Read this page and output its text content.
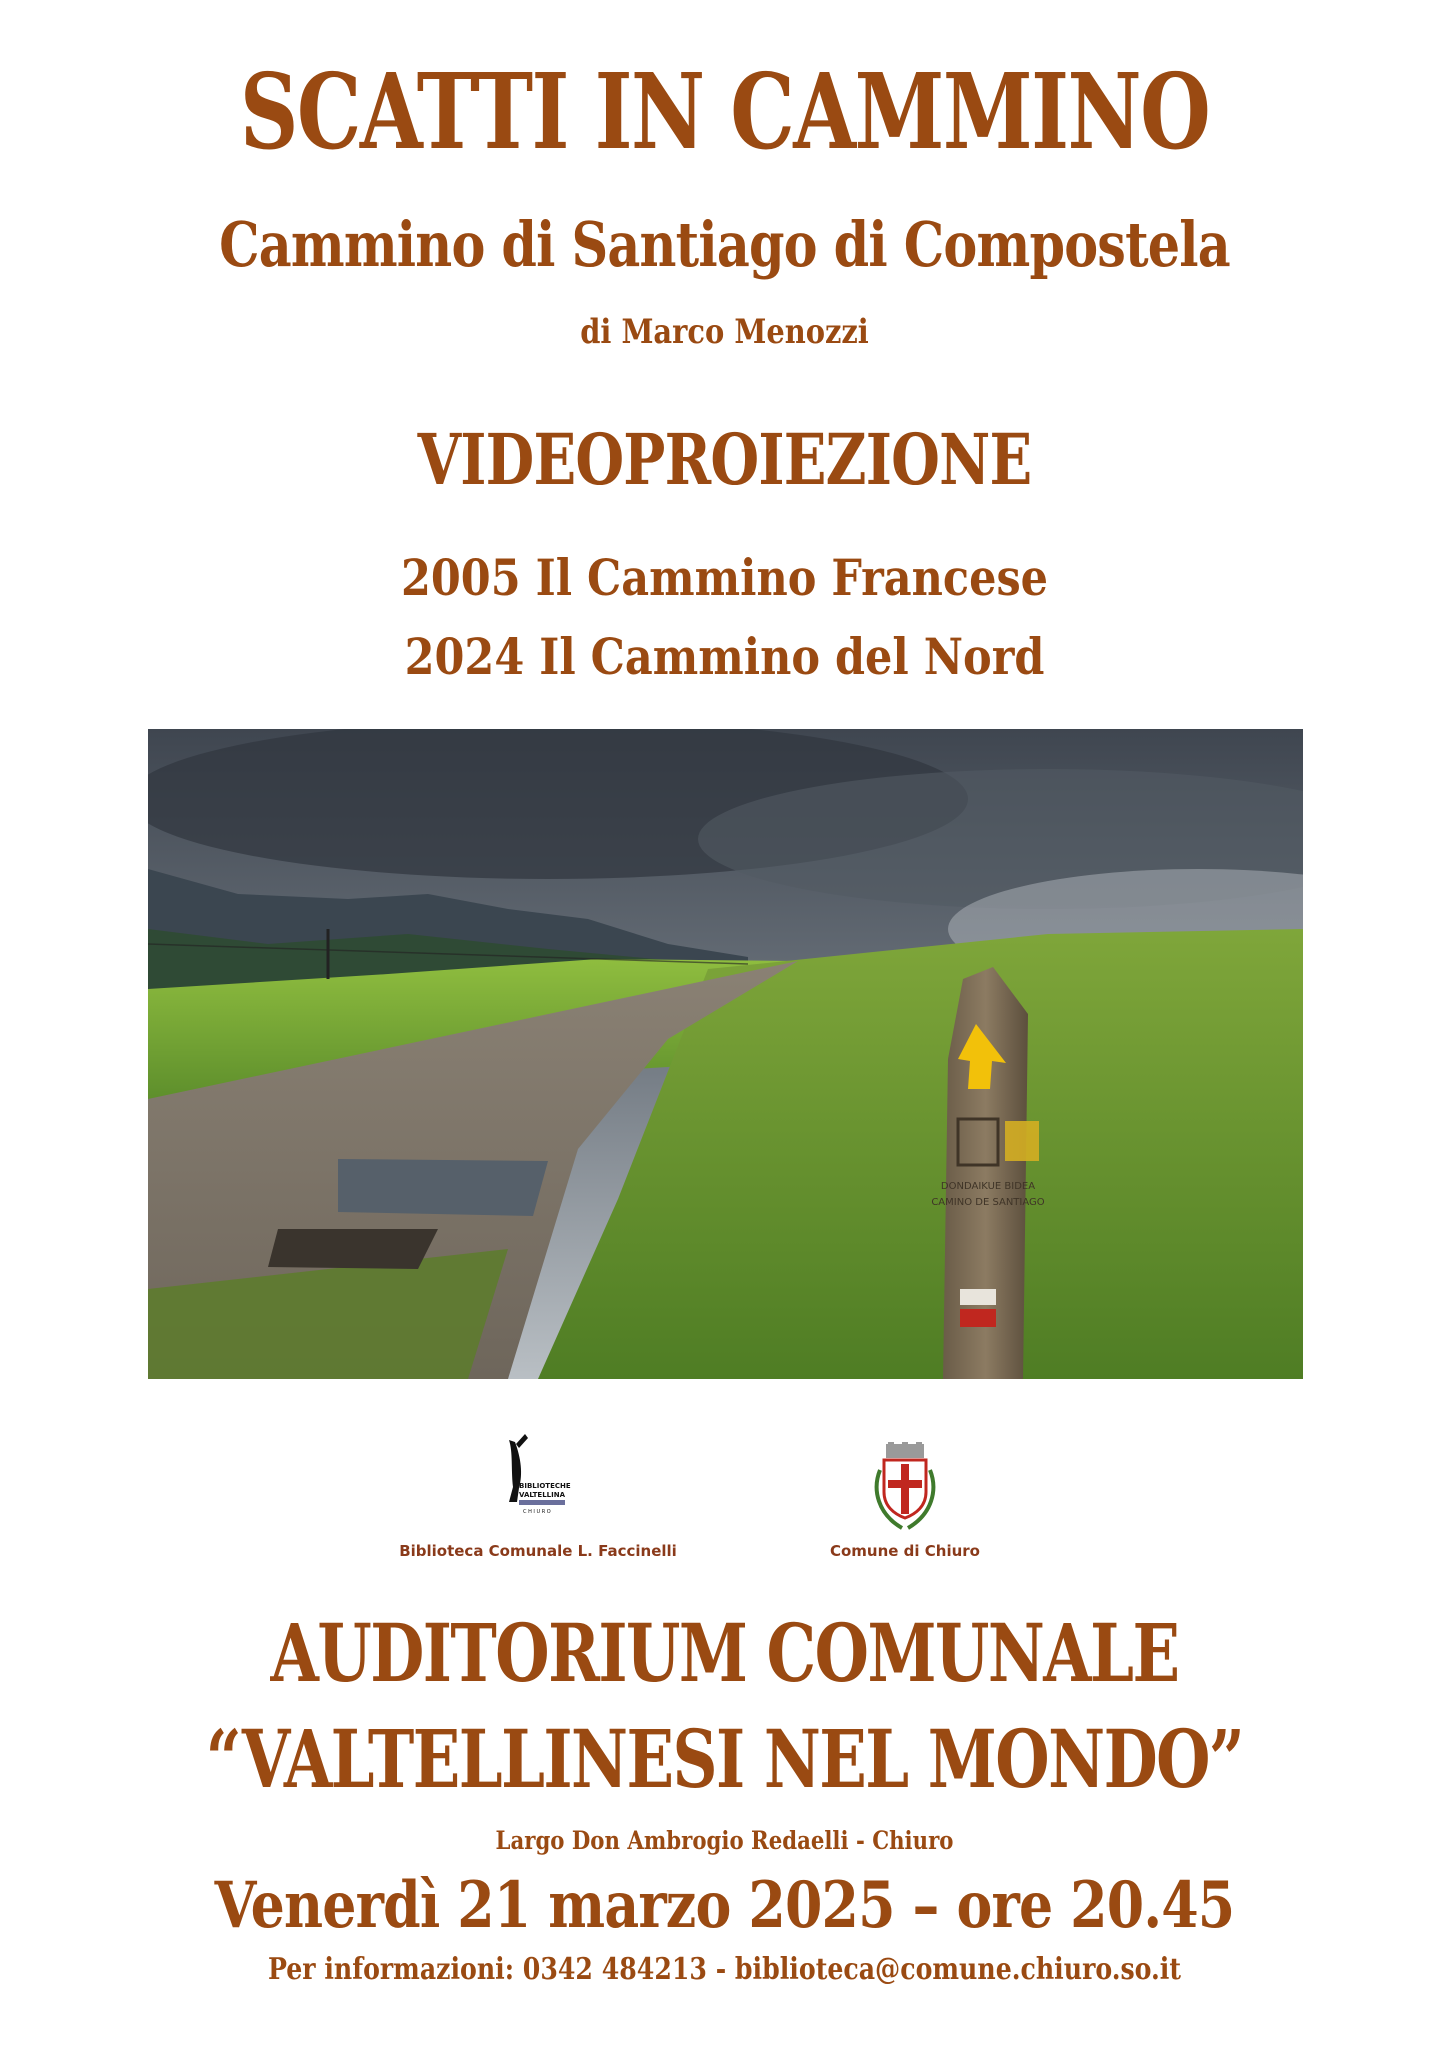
SCATTI IN CAMMINO
Cammino di Santiago di Compostela
di Marco Menozzi
VIDEOPROIEZIONE
2005 Il Cammino Francese
2024 Il Cammino del Nord
DONDAIKUE BIDEA
CAMINO DE SANTIAGO
BIBLIOTECHE
VALTELLINA
C H I U R O
Biblioteca Comunale L. Faccinelli	Comune di Chiuro
AUDITORIUM COMUNALE
“VALTELLINESI NEL MONDO”
Largo Don Ambrogio Redaelli - Chiuro
Venerdì 21 marzo 2025 – ore 20.45
Per informazioni: 0342 484213 - biblioteca@comune.chiuro.so.it
